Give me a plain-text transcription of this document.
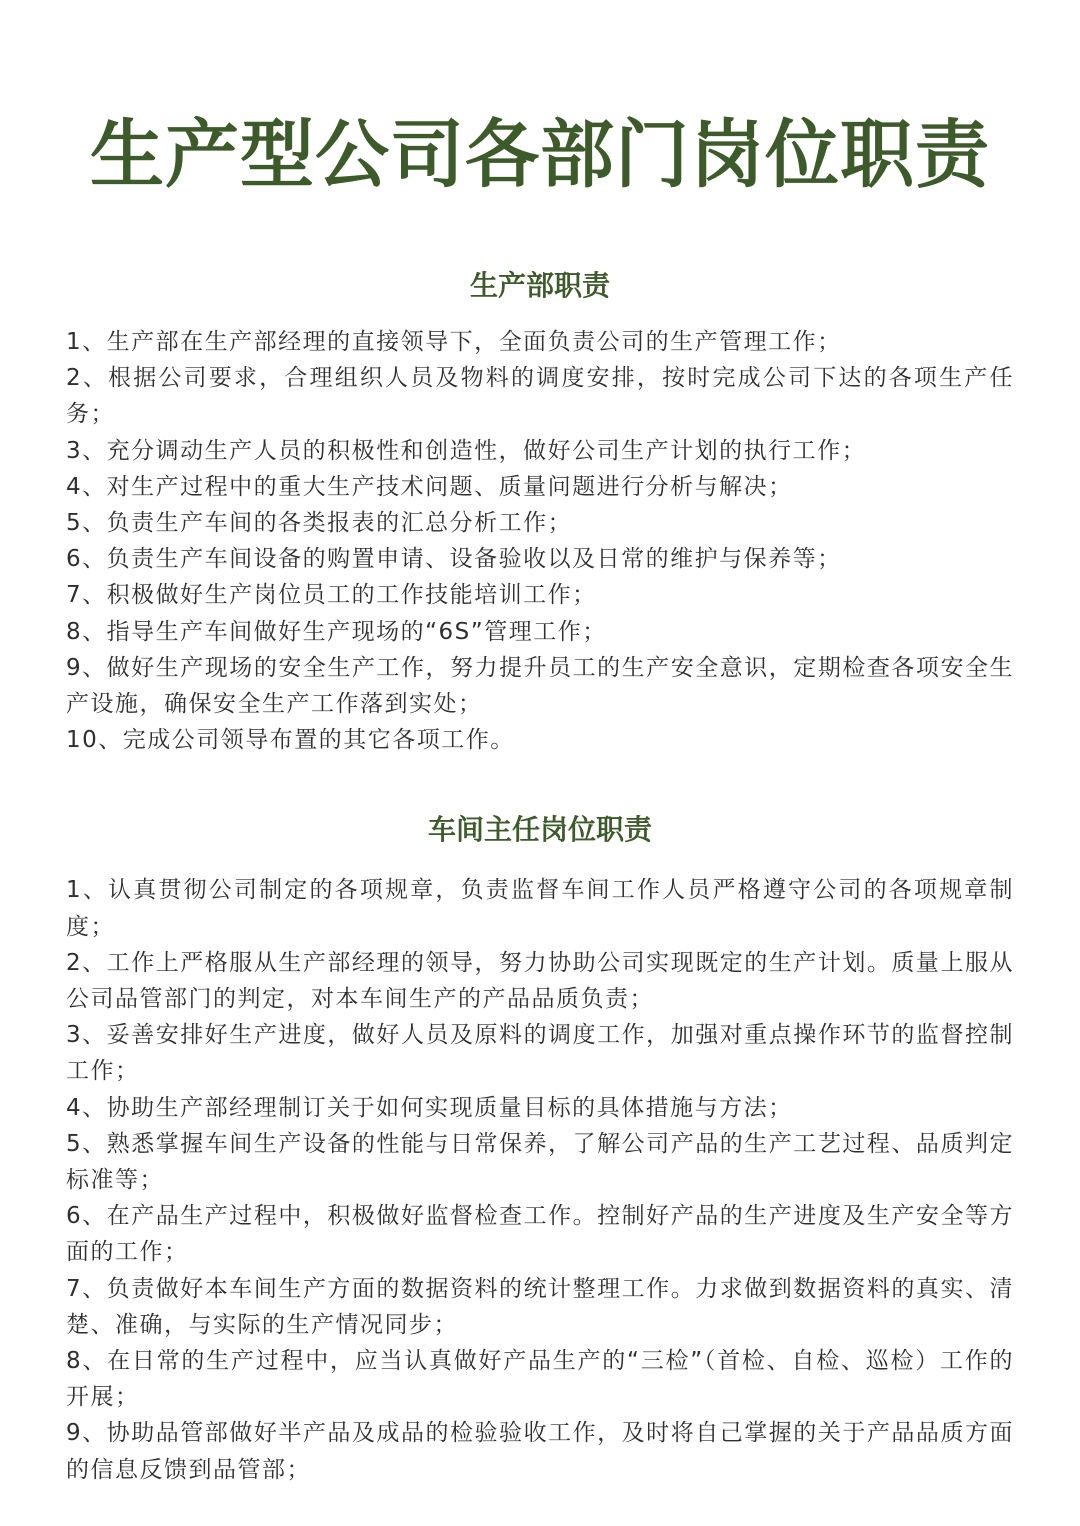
生产型公司各部门岗位职责
生产部职责
1、生产部在生产部经理的直接领导下，全面负责公司的生产管理工作；
2、根据公司要求，合理组织人员及物料的调度安排，按时完成公司下达的各项生产任务；
3、充分调动生产人员的积极性和创造性，做好公司生产计划的执行工作；
4、对生产过程中的重大生产技术问题、质量问题进行分析与解决；
5、负责生产车间的各类报表的汇总分析工作；
6、负责生产车间设备的购置申请、设备验收以及日常的维护与保养等；
7、积极做好生产岗位员工的工作技能培训工作；
8、指导生产车间做好生产现场的“6S”管理工作；
9、做好生产现场的安全生产工作，努力提升员工的生产安全意识，定期检查各项安全生产设施，确保安全生产工作落到实处；
10、完成公司领导布置的其它各项工作。
车间主任岗位职责
1、认真贯彻公司制定的各项规章，负责监督车间工作人员严格遵守公司的各项规章制度；
2、工作上严格服从生产部经理的领导，努力协助公司实现既定的生产计划。质量上服从公司品管部门的判定，对本车间生产的产品品质负责；
3、妥善安排好生产进度，做好人员及原料的调度工作，加强对重点操作环节的监督控制工作；
4、协助生产部经理制订关于如何实现质量目标的具体措施与方法；
5、熟悉掌握车间生产设备的性能与日常保养，了解公司产品的生产工艺过程、品质判定标准等；
6、在产品生产过程中，积极做好监督检查工作。控制好产品的生产进度及生产安全等方面的工作；
7、负责做好本车间生产方面的数据资料的统计整理工作。力求做到数据资料的真实、清楚、准确，与实际的生产情况同步；
8、在日常的生产过程中，应当认真做好产品生产的“三检”（首检、自检、巡检）工作的开展；
9、协助品管部做好半产品及成品的检验验收工作，及时将自己掌握的关于产品品质方面的信息反馈到品管部；
